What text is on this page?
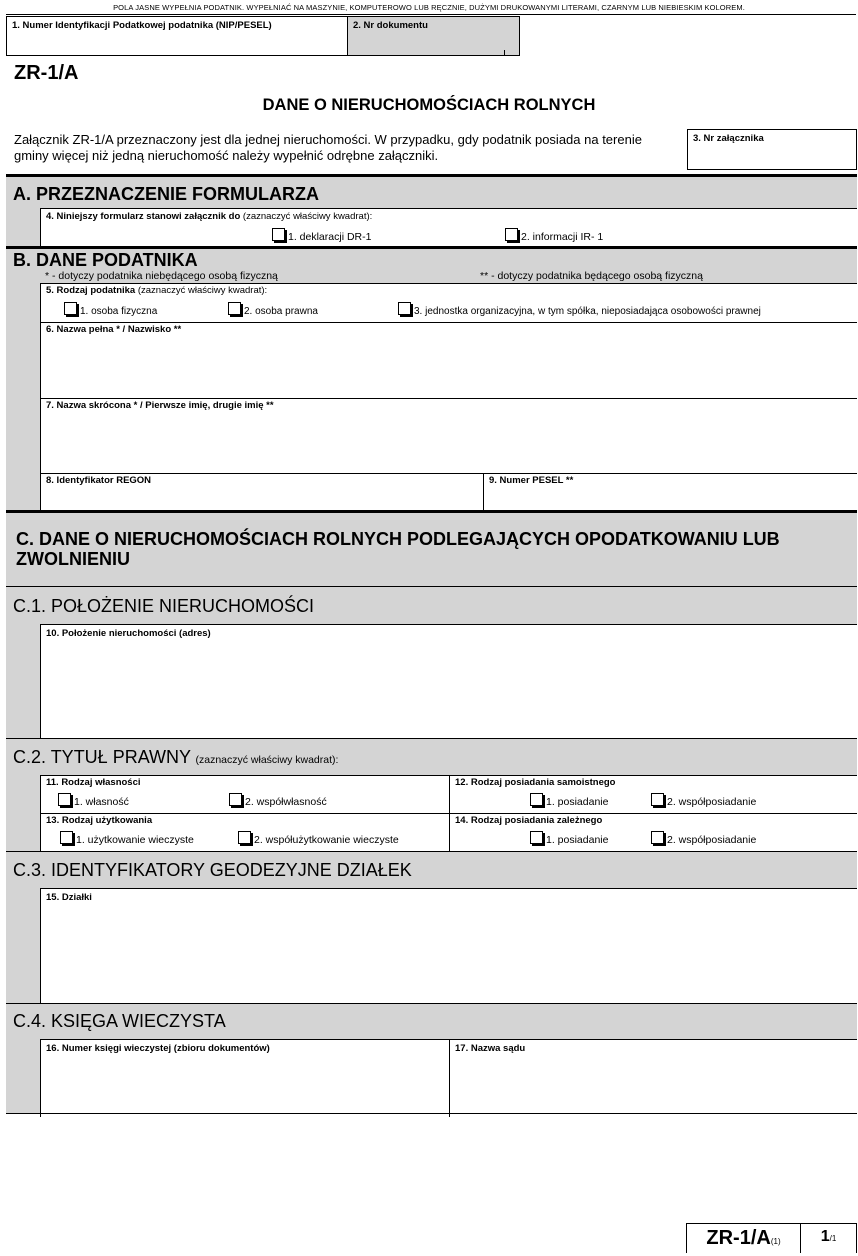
POLA JASNE WYPEŁNIA PODATNIK. WYPEŁNIAĆ NA MASZYNIE, KOMPUTEROWO LUB RĘCZNIE, DUŻYMI DRUKOWANYMI LITERAMI, CZARNYM LUB NIEBIESKIM KOLOREM.
1. Numer Identyfikacji Podatkowej podatnika (NIP/PESEL)	2. Nr dokumentu
ZR-1/A
DANE O NIERUCHOMOŚCIACH ROLNYCH
Załącznik ZR-1/A przeznaczony jest dla jednej nieruchomości. W przypadku, gdy podatnik posiada na terenie gminy więcej niż jedną nieruchomość należy wypełnić odrębne załączniki.
3. Nr załącznika
A. PRZEZNACZENIE FORMULARZA
4. Niniejszy formularz stanowi załącznik do (zaznaczyć właściwy kwadrat):
1. deklaracji DR-1	2. informacji IR- 1
B. DANE PODATNIKA
* - dotyczy podatnika niebędącego osobą fizyczną	** - dotyczy podatnika będącego osobą fizyczną
5. Rodzaj podatnika (zaznaczyć właściwy kwadrat):
1. osoba fizyczna	2. osoba prawna	3. jednostka organizacyjna, w tym spółka, nieposiadająca osobowości prawnej
6. Nazwa pełna * / Nazwisko **
7. Nazwa skrócona * / Pierwsze imię, drugie imię **
8. Identyfikator REGON	9. Numer PESEL **
C. DANE O NIERUCHOMOŚCIACH ROLNYCH PODLEGAJĄCYCH OPODATKOWANIU LUB ZWOLNIENIU
C.1. POŁOŻENIE NIERUCHOMOŚCI
10. Położenie nieruchomości (adres)
C.2. TYTUŁ PRAWNY (zaznaczyć właściwy kwadrat):
11. Rodzaj własności
1. własność	2. współwłasność
12. Rodzaj posiadania samoistnego
1. posiadanie	2. współposiadanie
13. Rodzaj użytkowania
1. użytkowanie wieczyste	2. współużytkowanie wieczyste
14. Rodzaj posiadania zależnego
1. posiadanie	2. współposiadanie
C.3. IDENTYFIKATORY GEODEZYJNE DZIAŁEK
15. Działki
C.4. KSIĘGA WIECZYSTA
16. Numer księgi wieczystej (zbioru dokumentów)	17. Nazwa sądu
ZR-1/A(1)	1/1
